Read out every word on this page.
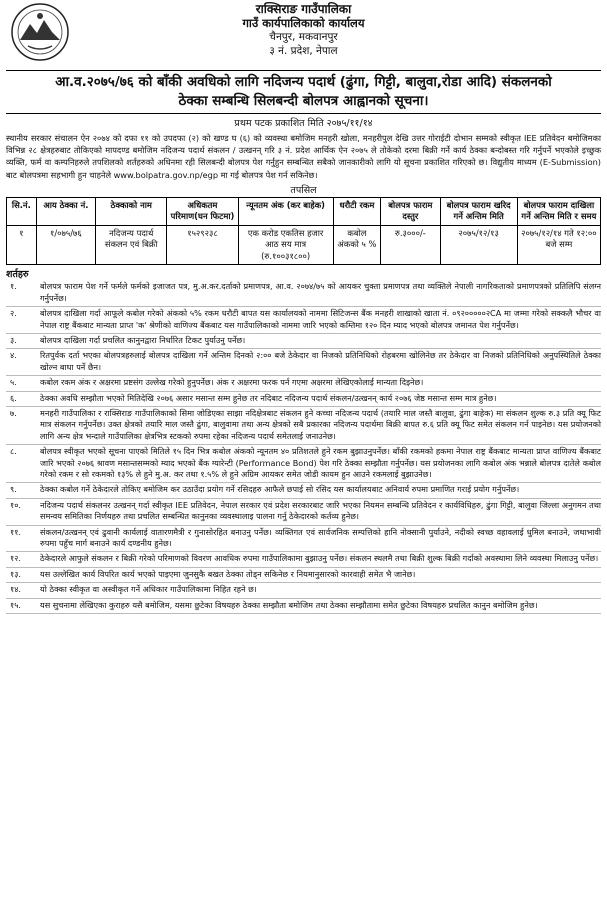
राक्सिराङ गाउँपालिका
गाउँ कार्यपालिकाको कार्यालय
चैनपुर, मकवानपुर
३ नं. प्रदेश, नेपाल
आ.व.२०७५/७६ को बाँकी अवधिको लागि नदिजन्य पदार्थ (ढुंगा, गिट्टी, बालुवा,रोडा आदि) संकलनको
ठेक्का सम्बन्धि सिलबन्दी बोलपत्र आह्वानको सूचना।
प्रथम पटक प्रकाशित मिति २०७५/११/१४
स्थानीय सरकार संचालन ऐन २०७४ को दफा ११ को उपदफा (२) को खण्ड घ (६) को व्यवस्था बमोजिम मनहरी खोला, मनहरीपुल देखि उत्तर गोराईटी दोभान सम्मको स्वीकृत IEE प्रतिवेदन बमोजिमका विभिन्न २८ क्षेत्रहरुबाट तोकिएको मापदण्ड बमोजिम नदिजन्य पदार्थ संकलन / उत्खनन् गरि ३ नं. प्रदेश आर्थिक ऐन २०७५ ले तोकेको दरमा बिक्री गर्ने कार्य ठेक्का बन्दोबस्त गरि गर्नुपर्ने भएकोले इच्छुक व्यक्ति, फर्म वा कम्पनिहरुले तपशिलको शर्तहरुको अधिनमा रही सिलबन्दी बोलपत्र पेश गर्नुहुन सम्बन्धित सबैको जानकारीको लागि यो सूचना प्रकाशित गरिएको छ। विद्युतीय माध्यम (E-Submission) बाट बोलपत्रमा सहभागी हुन चाहनेले www.bolpatra.gov.np/egp मा गई बोलपत्र पेश गर्न सकिनेछ।
तपसिल
सि.नं.	आय ठेक्का नं.	ठेक्काको नाम	अधिकतम परिमाण(घन फिटमा)	न्यूनतम अंक (कर बाहेक)	धरौटी रकम	बोलपत्र फाराम दस्तुर	बोलपत्र फाराम खरिद गर्ने अन्तिम मिति	बोलपत्र फाराम दाखिला गर्ने अन्तिम मिति र समय
१	१/०७५/७६	नदिजन्य पदार्थ संकलन एवं बिक्री	१५२९२३८	एक करोड एकतिस हजार आठ सय मात्र (रु.१००३१८००)	कबोल अंकको ५ %	रु.३०००/-	२०७५/१२/१३	२०७५/१२/१४ गते १२:०० बजे सम्म
शर्तहरु
१.	बोलपत्र फाराम पेश गर्ने फर्मले फर्मको इजाजत पत्र, मु.अ.कर.दर्ताको प्रमाणपत्र, आ.व. २०७४/७५ को आयकर चुक्ता प्रमाणपत्र तथा व्यक्तिले नेपाली नागरिकताको प्रमाणपत्रको प्रतिलिपि संलग्न गर्नुपर्नेछ।
२.	बोलपत्र दाखिला गर्दा आफूले कबोल गरेको अंकको ५% रकम धरौटी बापत यस कार्यालयको नाममा सिटिजन्स बैंक मनहरी शाखाको खाता नं. ०९२०००००२CA मा जम्मा गरेको सक्कलै भौचर वा नेपाल राष्ट्र बैंकबाट मान्यता प्राप्त 'क' श्रेणीको वाणिज्य बैंकबाट यस गाउँपालिकाको नाममा जारि भएको कम्तिमा १२० दिन म्याद भएको बोलपत्र जमानत पेश गर्नुपर्नेछ।
३.	बोलपत्र दाखिला गर्दा प्रचलित कानुनद्वारा निर्धारित टिकट पुर्याउनु पर्नेछ।
४.	रितपुर्वक दर्ता भएका बोलपत्रहरुलाई बोलपत्र दाखिला गर्ने अन्तिम दिनको २:०० बजे ठेकेदार वा निजको प्रतिनिधिको रोहबरमा खोलिनेछ तर ठेकेदार वा निजको प्रतिनिधिको अनुपस्थितिले ठेक्का खोल्न बाधा पर्ने छैन।
५.	कबोल रकम अंक र अक्षरमा प्रष्टसंग उल्लेख गरेको हुनुपर्नेछ। अंक र अक्षरमा फरक पर्न गएमा अक्षरमा लेखिएकोलाई मान्यता दिइनेछ।
६.	ठेक्का अवधि सम्झौता भएको मितिदेखि २०७६ असार मसान्त सम्म हुनेछ तर नदिबाट नदिजन्य पदार्थ संकलन/उत्खनन् कार्य २०७६ जेष्ठ मसान्त सम्म मात्र हुनेछ।
७.	मनहरी गाउँपालिका र राक्सिराङ गाउँपालिकाको सिमा जोडिएका साझा नदिक्षेत्रबाट संकलन हुने कच्चा नदिजन्य पदार्थ (तयारि माल जस्तै बालुवा, ढुंगा बाहेक) मा संकलन शुल्क रु.३ प्रति क्यू फिट मात्र संकलन गर्नुपर्नेछ। उक्त क्षेत्रको तयारि माल जस्तै ढुंगा, बालुवामा तथा अन्य क्षेत्रको सबै प्रकारका नदिजन्य पदार्थमा बिक्री बापत रु.६ प्रति क्यू फिट समेत संकलन गर्न पाइनेछ। यस प्रयोजनको लागि अन्य क्षेत्र भन्दाले गाउँपालिका क्षेत्रभित्र स्टकको रुपमा रहेका नदिजन्य पदार्थ समेतलाई जनाउनेछ।
८.	बोलपत्र स्वीकृत भएको सूचना पाएको मितिले १५ दिन भित्र कबोल अंकको न्यूनतम ४० प्रतिशतले हुने रकम बुझाउनुपर्नेछ। बाँकी रकमको हकमा नेपाल राष्ट्र बैंकबाट मान्यता प्राप्त वाणिज्य बैंकबाट जारि भएको २०७६ श्रावण मसान्तसम्मको म्याद भएको बैंक ग्यारेन्टी (Performance Bond) पेश गरि ठेक्का सम्झौता गर्नुपर्नेछ। यस प्रयोजनका लागि कबोल अंक भन्नाले बोलपत्र दातेले कबोल गरेको रकम र सो रकमको १३% ले हुने मु.अ. कर तथा १.५% ले हुने अग्रिम आयकर समेत जोडी कायम हुन आउने रकमलाई बुझाउनेछ।
९.	ठेक्का कबोल गर्ने ठेकेदारले तोकिए बमोजिम कर उठाउँदा प्रयोग गर्ने रसिदहरु आफैले छपाई सो रसिद यस कार्यालयबाट अनिवार्य रुपमा प्रमाणित गराई प्रयोग गर्नुपर्नेछ।
१०.	नदिजन्य पदार्थ संकलनर उत्खनन् गर्दा स्वीकृत IEE प्रतिवेदन, नेपाल सरकार एवं प्रदेश सरकारबाट जारि भएका नियमन सम्बन्धि प्रतिवेदन र कार्यविधिहरु, ढुंगा गिट्टी, बालुवा जिल्ला अनुगमन तथा समन्वय समितिका निर्णयहरु तथा प्रचलित सम्बन्धित कानुनका व्यवस्थालाइ पालना गर्नु ठेकेदारको कर्तव्य हुनेछ।
११.	संकलन/उत्खनन् एवं ढुवानी कार्यलाई वातारणमैत्री र गुनासोरहित बनाउनु पर्नेछ। व्यक्तिगत एवं सार्वजनिक सम्पत्तिको हानि नोक्सानी पुर्याउने, नदीको स्वच्छ वहावलाई धुमिल बनाउने, जथाभावी रुपमा पहुँच मार्ग बनाउने कार्य दण्डनीय हुनेछ।
१२.	ठेकेदारले आफुले संकलन र बिक्री गरेको परिमाणको विवरण आवधिक रुपमा गाउँपालिकामा बुझाउनु पर्नेछ। संकलन स्थलमै तथा बिक्री शुल्क बिक्री गर्दाको अवस्थामा लिने व्यवस्था मिलाउनु पर्नेछ।
१३.	यस उल्लेखित कार्य विपरित कार्य भएको पाइएमा जुनसुकै बखत ठेक्का तोड्न सकिनेछ र नियमानुसारको कारवाही समेत भै जानेछ।
१४.	यो ठेक्का स्वीकृत वा अस्वीकृत गर्ने अधिकार गाउँपालिकामा निहित रहने छ।
१५.	यस सुचनामा लेखिएका कुराहरु यसै बमोजिम, यसमा छुटेका विषयहरु ठेक्का सम्झौता बमोजिम तथा ठेक्का सम्झौतामा समेत छुटेका विषयहरु प्रचलित कानुन बमोजिम हुनेछ।
